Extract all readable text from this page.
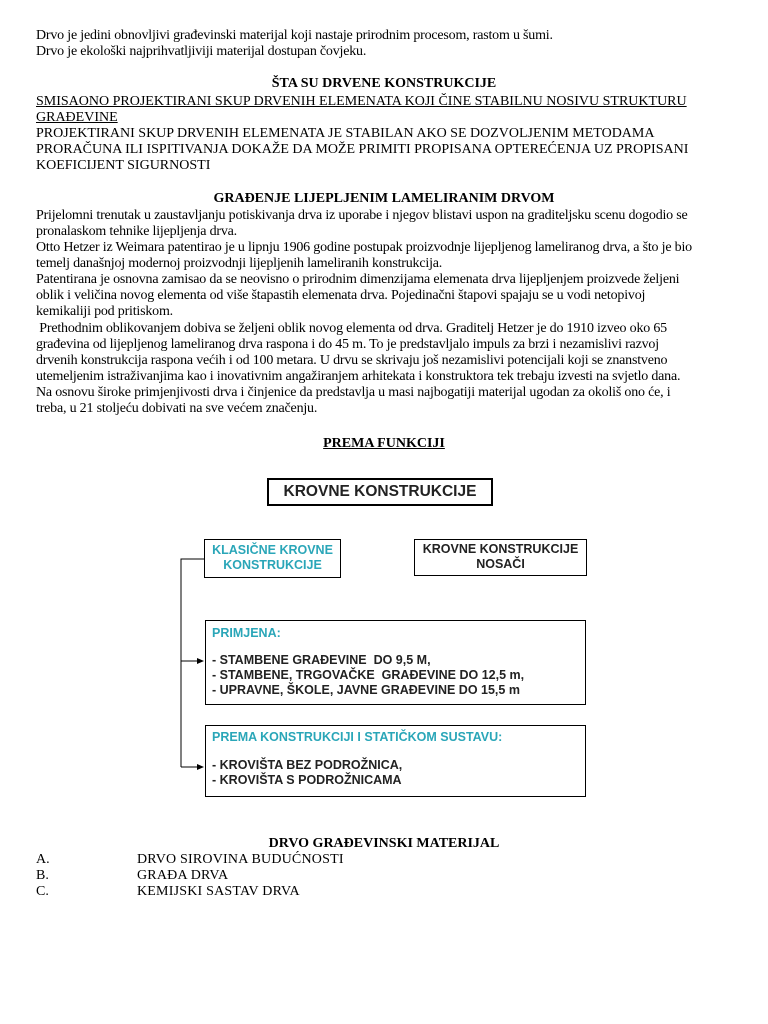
Drvo je jedini obnovljivi građevinski materijal koji nastaje prirodnim procesom, rastom u šumi.
Drvo je ekološki najprihvatljiviji materijal dostupan čovjeku.
ŠTA SU DRVENE KONSTRUKCIJE
SMISAONO PROJEKTIRANI SKUP DRVENIH ELEMENATA KOJI ČINE STABILNU NOSIVU STRUKTURU
GRAĐEVINE
PROJEKTIRANI SKUP DRVENIH ELEMENATA JE STABILAN AKO SE DOZVOLJENIM METODAMA
PRORAČUNA ILI ISPITIVANJA DOKAŽE DA MOŽE PRIMITI PROPISANA OPTEREĆENJA UZ PROPISANI
KOEFICIJENT SIGURNOSTI
GRAĐENJE LIJEPLJENIM LAMELIRANIM DRVOM
Prijelomni trenutak u zaustavljanju potiskivanja drva iz uporabe i njegov blistavi uspon na graditeljsku scenu dogodio se
pronalaskom tehnike lijepljenja drva.
Otto Hetzer iz Weimara patentirao je u lipnju 1906 godine postupak proizvodnje lijepljenog lameliranog drva, a što je bio
temelj današnjoj modernoj proizvodnji lijepljenih lameliranih konstrukcija.
Patentirana je osnovna zamisao da se neovisno o prirodnim dimenzijama elemenata drva lijepljenjem proizvede željeni
oblik i veličina novog elementa od više štapastih elemenata drva. Pojedinačni štapovi spajaju se u vodi netopivoj
kemikaliji pod pritiskom.
Prethodnim oblikovanjem dobiva se željeni oblik novog elementa od drva. Graditelj Hetzer je do 1910 izveo oko 65
građevina od lijepljenog lameliranog drva raspona i do 45 m. To je predstavljalo impuls za brzi i nezamislivi razvoj
drvenih konstrukcija raspona većih i od 100 metara. U drvu se skrivaju još nezamislivi potencijali koji se znanstveno
utemeljenim istraživanjima kao i inovativnim angažiranjem arhitekata i konstruktora tek trebaju izvesti na svjetlo dana.
Na osnovu široke primjenjivosti drva i činjenice da predstavlja u masi najbogatiji materijal ugodan za okoliš ono će, i
treba, u 21 stoljeću dobivati na sve većem značenju.
PREMA FUNKCIJI
KROVNE KONSTRUKCIJE
KLASIČNE KROVNE
KONSTRUKCIJE
KROVNE KONSTRUKCIJE
NOSAČI
PRIMJENA:
- STAMBENE GRAĐEVINE  DO 9,5 M,
- STAMBENE, TRGOVAČKE  GRAĐEVINE DO 12,5 m,
- UPRAVNE, ŠKOLE, JAVNE GRAĐEVINE DO 15,5 m
PREMA KONSTRUKCIJI I STATIČKOM SUSTAVU:
- KROVIŠTA BEZ PODROŽNICA,
- KROVIŠTA S PODROŽNICAMA
DRVO GRAĐEVINSKI MATERIJAL
A.	DRVO SIROVINA BUDUĆNOSTI
B.	GRAĐA DRVA
C.	KEMIJSKI SASTAV DRVA
